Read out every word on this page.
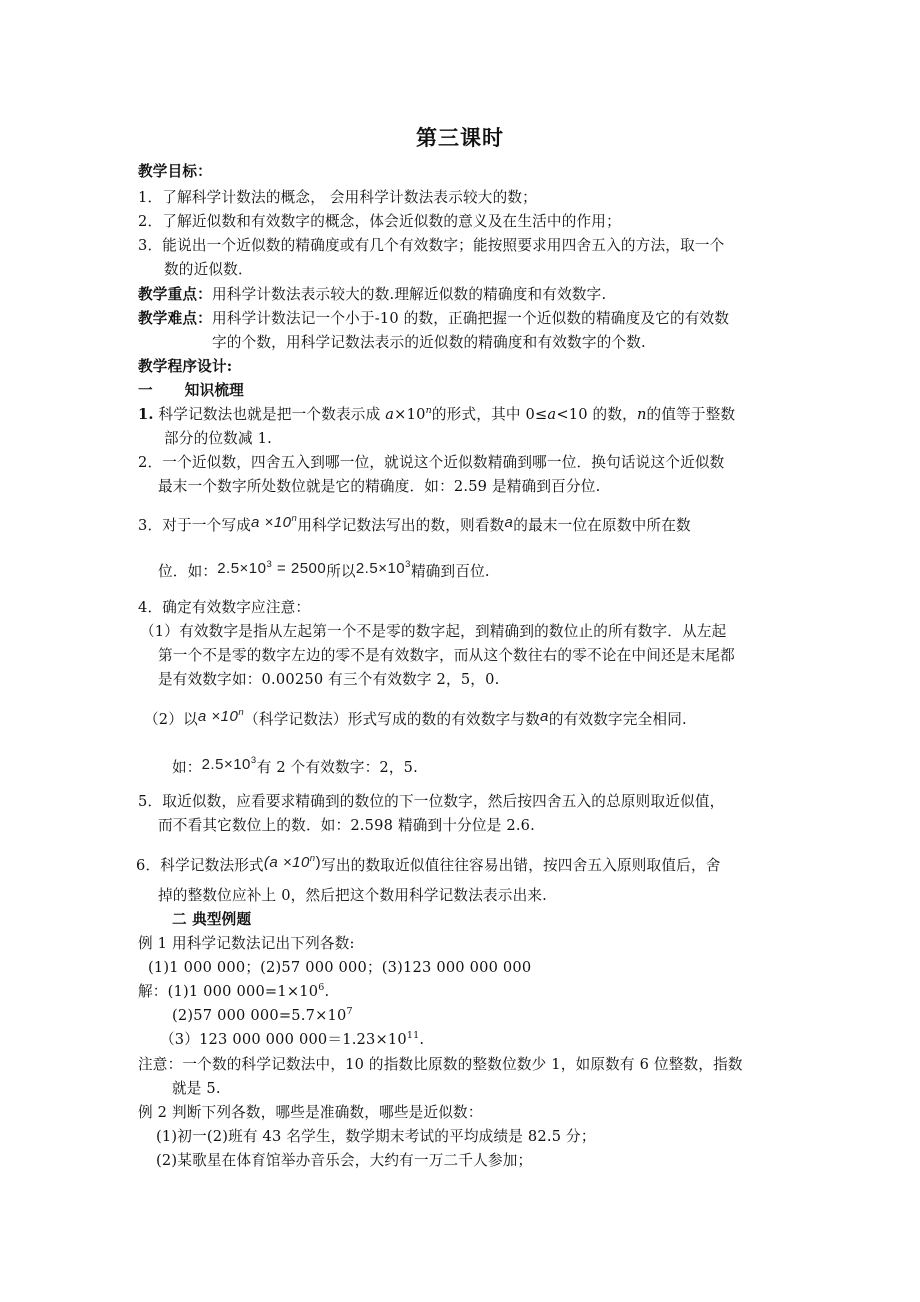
第三课时
教学目标：
1．了解科学计数法的概念， 会用科学计数法表示较大的数；
2．了解近似数和有效数字的概念，体会近似数的意义及在生活中的作用；
3．能说出一个近似数的精确度或有几个有效数字；能按照要求用四舍五入的方法，取一个
数的近似数．
教学重点：用科学计数法表示较大的数.理解近似数的精确度和有效数字.
教学难点：用科学计数法记一个小于-10 的数，正确把握一个近似数的精确度及它的有效数
字的个数，用科学记数法表示的近似数的精确度和有效数字的个数.
教学程序设计:
一 知识梳理
1. 科学记数法也就是把一个数表示成 $a\times 10^n$的形式，其中 0≤a<10 的数，n的值等于整数
部分的位数减 1.
2．一个近似数，四舍五入到哪一位，就说这个近似数精确到哪一位．换句话说这个近似数
最末一个数字所处数位就是它的精确度．如：2.59 是精确到百分位.
3．对于一个写成$a \times 10^n$用科学记数法写出的数，则看数a的最末一位在原数中所在数
位．如：$2.5\times 10^3 = 2500$所以$2.5\times 10^3$精确到百位.
4．确定有效数字应注意：
（1）有效数字是指从左起第一个不是零的数字起，到精确到的数位止的所有数字．从左起
第一个不是零的数字左边的零不是有效数字，而从这个数往右的零不论在中间还是末尾都
是有效数字如：0.00250 有三个有效数字 2，5，0.
（2）以$a \times 10^n$（科学记数法）形式写成的数的有效数字与数a的有效数字完全相同.
如：$2.5\times 10^3$有 2 个有效数字：2，5.
5．取近似数，应看要求精确到的数位的下一位数字，然后按四舍五入的总原则取近似值，
而不看其它数位上的数．如：2.598 精确到十分位是 2.6.
6．科学记数法形式$(a \times 10^n)$写出的数取近似值往往容易出错，按四舍五入原则取值后，舍
掉的整数位应补上 0，然后把这个数用科学记数法表示出来.
二 典型例题
例 1 用科学记数法记出下列各数:
(1)1 000 000；(2)57 000 000；(3)123 000 000 000
解：(1)1 000 $000=1\times 10^6$.
(2)57 000 $000=5.7\times 10^7$
（3）123 000 000 $000=1.23\times 10^{11}$.
注意：一个数的科学记数法中，10 的指数比原数的整数位数少 1，如原数有 6 位整数，指数
就是 5.
例 2 判断下列各数，哪些是准确数，哪些是近似数：
(1)初一(2)班有 43 名学生，数学期末考试的平均成绩是 82.5 分；
(2)某歌星在体育馆举办音乐会，大约有一万二千人参加；
